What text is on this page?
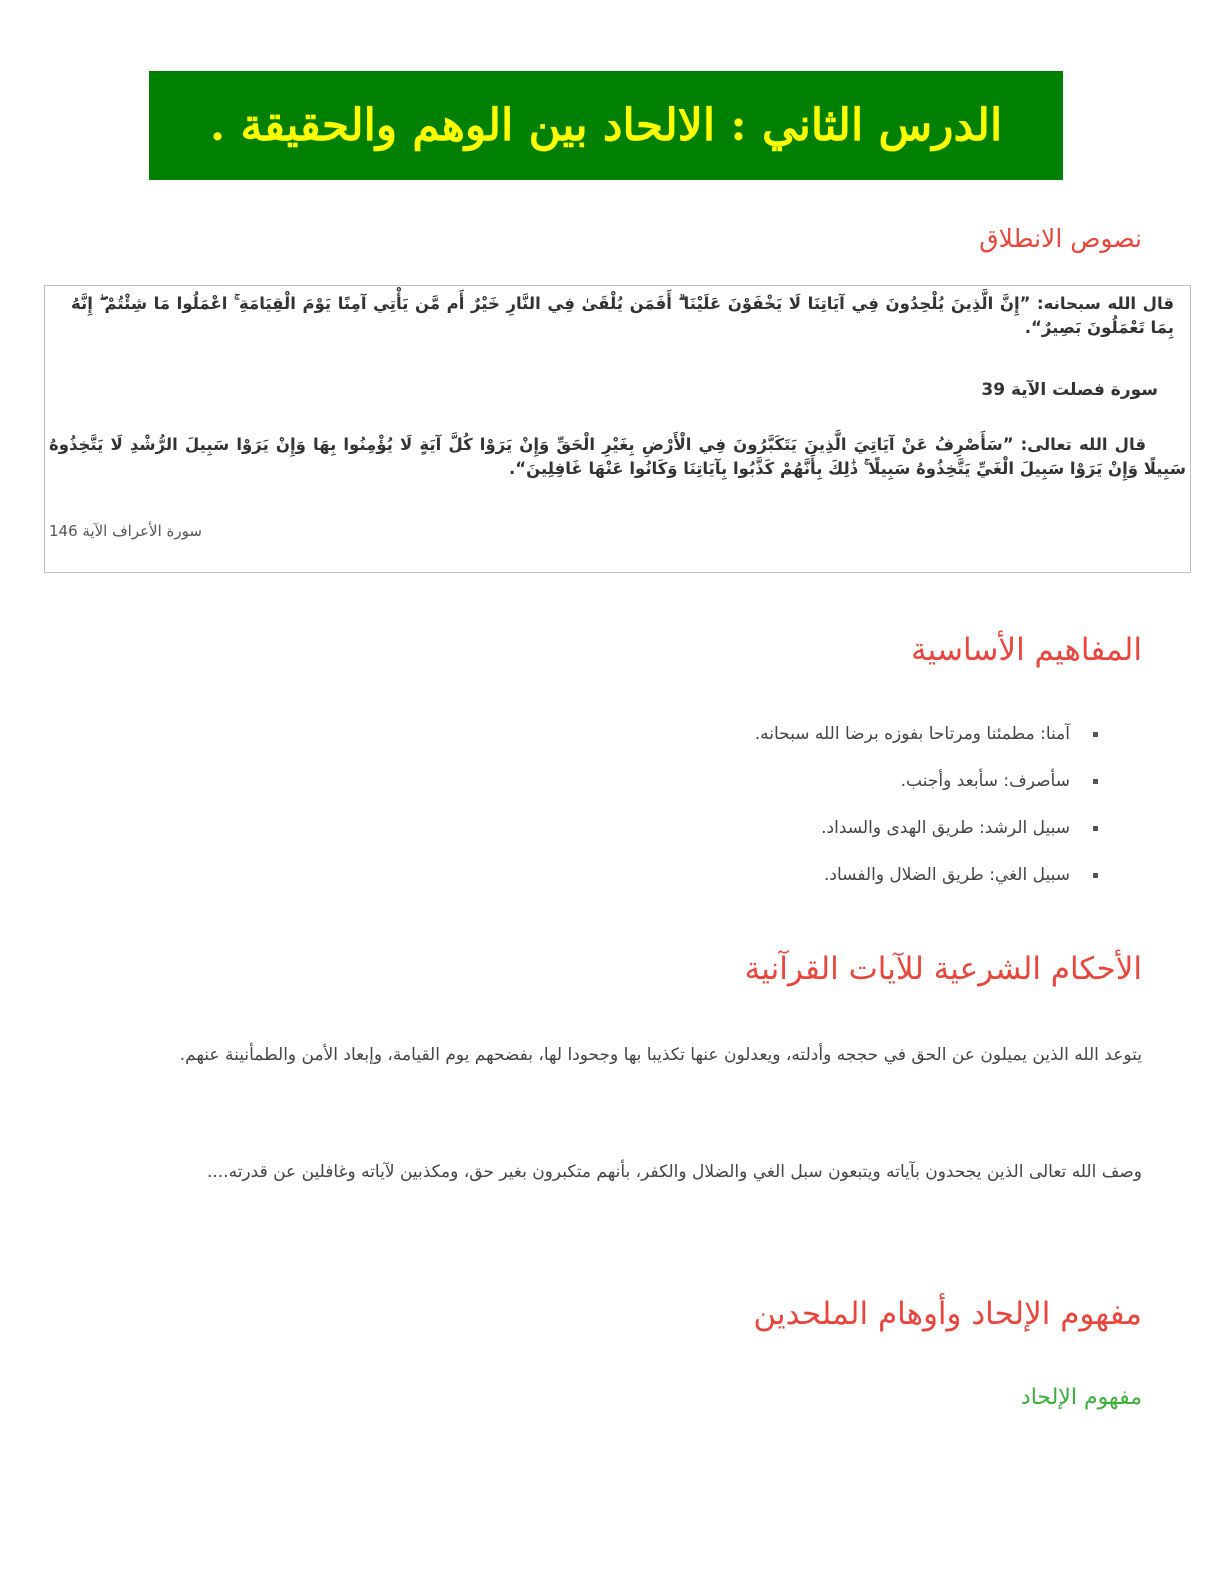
الدرس الثاني : الالحاد بين الوهم والحقيقة .
نصوص الانطلاق

قال الله سبحانه: ”إِنَّ الَّذِينَ يُلْحِدُونَ فِي آيَاتِنَا لَا يَخْفَوْنَ عَلَيْنَا ۗ أَفَمَن يُلْقَىٰ فِي النَّارِ خَيْرٌ أَم مَّن يَأْتِي آمِنًا يَوْمَ الْقِيَامَةِ ۚ اعْمَلُوا مَا شِئْتُمْ ۖ إِنَّهُ بِمَا تَعْمَلُونَ بَصِيرٌ“.

سورة فصلت الآية 39

قال الله تعالى: ”سَأَصْرِفُ عَنْ آيَاتِيَ الَّذِينَ يَتَكَبَّرُونَ فِي الْأَرْضِ بِغَيْرِ الْحَقِّ وَإِنْ يَرَوْا كُلَّ آيَةٍ لَا يُؤْمِنُوا بِهَا وَإِنْ يَرَوْا سَبِيلَ الرُّشْدِ لَا يَتَّخِذُوهُ سَبِيلًا وَإِنْ يَرَوْا سَبِيلَ الْغَيِّ يَتَّخِذُوهُ سَبِيلًا ۚ ذَٰلِكَ بِأَنَّهُمْ كَذَّبُوا بِآيَاتِنَا وَكَانُوا عَنْهَا غَافِلِينَ“.

سورة الأعراف الآية 146

المفاهيم الأساسية
آمنا: مطمئنا ومرتاحا بفوزه برضا الله سبحانه.
سأصرف: سأبعد وأجنب.
سبيل الرشد: طريق الهدى والسداد.
سبيل الغي: طريق الضلال والفساد.
الأحكام الشرعية للآيات القرآنية

يتوعد الله الذين يميلون عن الحق في حججه وأدلته، ويعدلون عنها تكذيبا بها وجحودا لها، بفضحهم يوم القيامة، وإبعاد الأمن والطمأنينة عنهم.

وصف الله تعالى الذين يجحدون بآياته ويتبعون سبل الغي والضلال والكفر، بأنهم متكبرون بغير حق، ومكذبين لآياته وغافلين عن قدرته....

مفهوم الإلحاد وأوهام الملحدين
مفهوم الإلحاد
